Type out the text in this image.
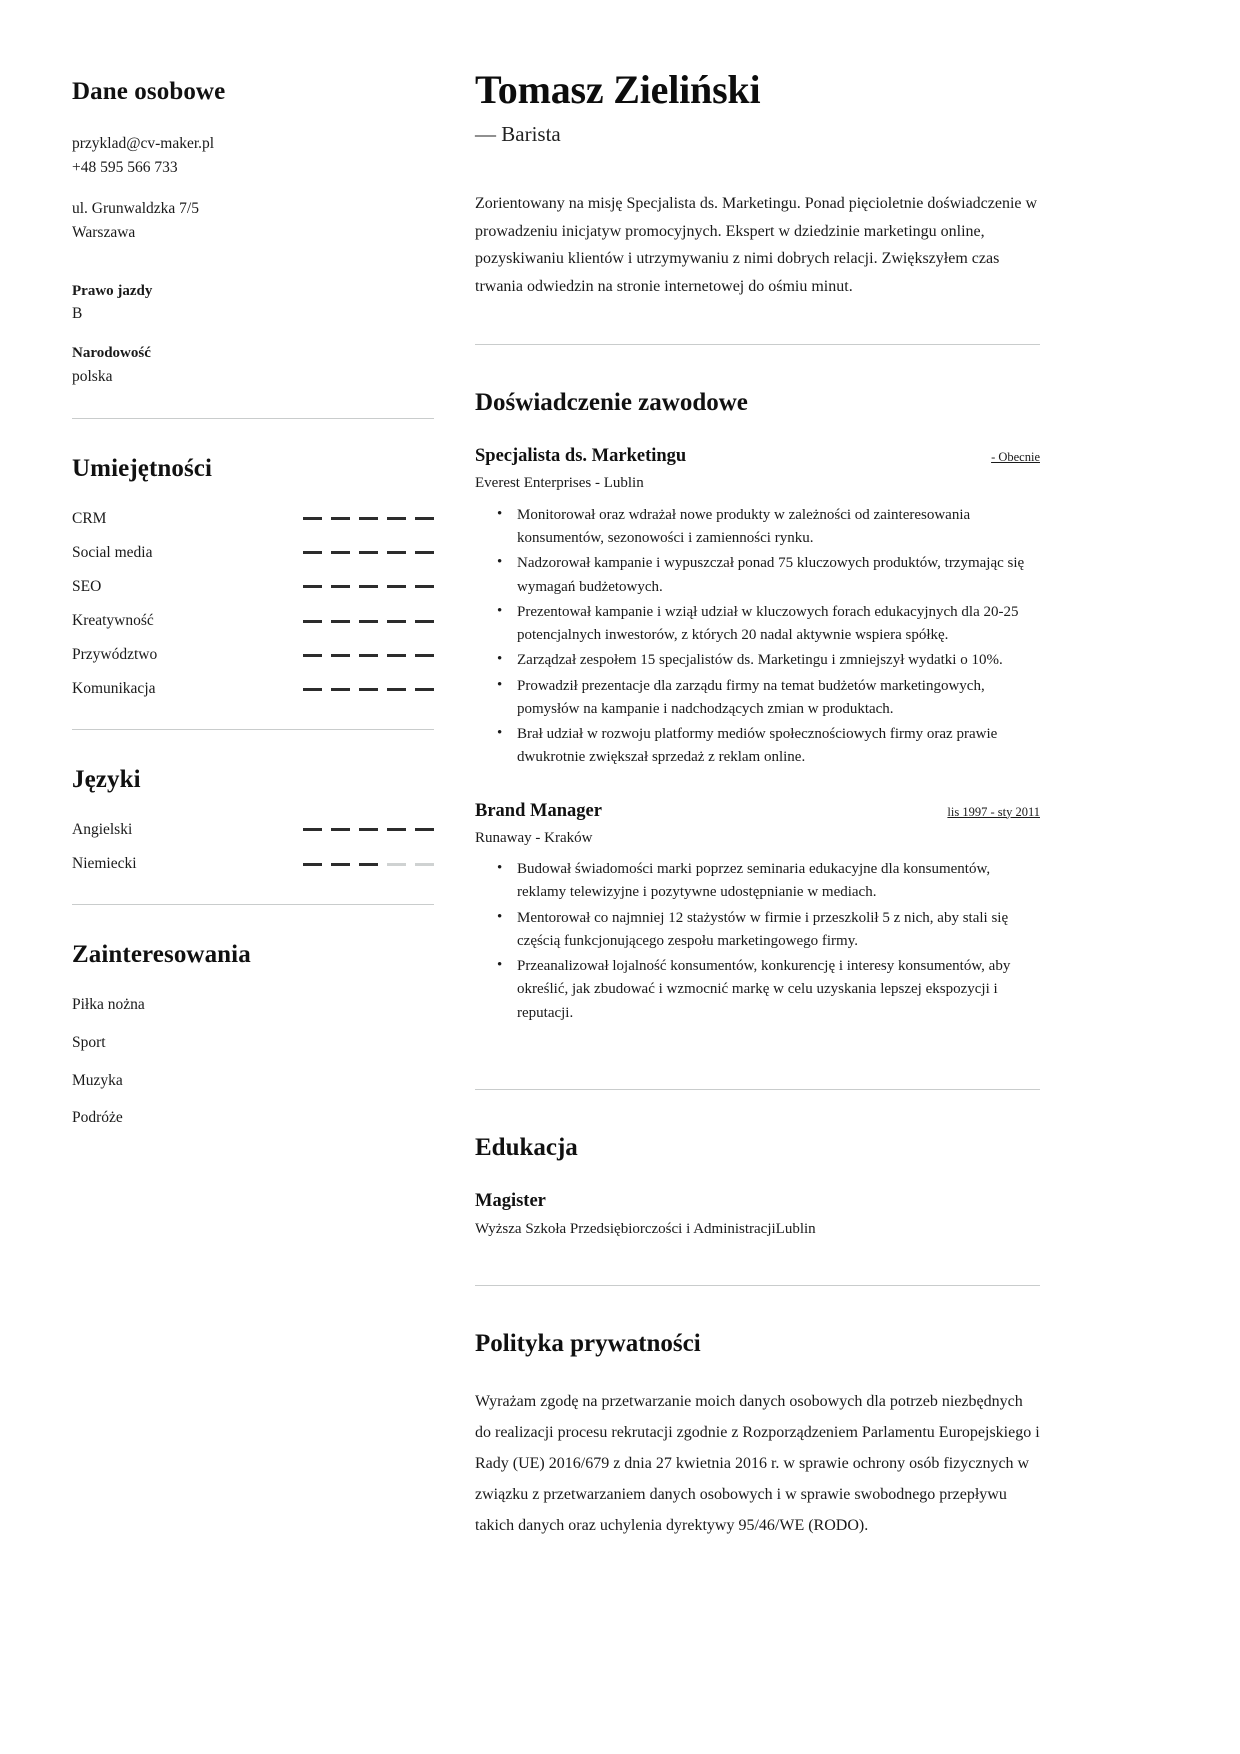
Dane osobowe
przyklad@cv-maker.pl
+48 595 566 733
ul. Grunwaldzka 7/5
Warszawa
Prawo jazdy
B
Narodowość
polska
Umiejętności
CRM
Social media
SEO
Kreatywność
Przywództwo
Komunikacja
Języki
Angielski
Niemiecki
Zainteresowania
Piłka nożna
Sport
Muzyka
Podróże
Tomasz Zieliński
— Barista

Zorientowany na misję Specjalista ds. Marketingu. Ponad pięcioletnie doświadczenie w prowadzeniu inicjatyw promocyjnych. Ekspert w dziedzinie marketingu online, pozyskiwaniu klientów i utrzymywaniu z nimi dobrych relacji. Zwiększyłem czas trwania odwiedzin na stronie internetowej do ośmiu minut.

Doświadczenie zawodowe
Specjalista ds. Marketingu	- Obecnie
Everest Enterprises - Lublin
• Monitorował oraz wdrażał nowe produkty w zależności od zainteresowania konsumentów, sezonowości i zamienności rynku.
• Nadzorował kampanie i wypuszczał ponad 75 kluczowych produktów, trzymając się wymagań budżetowych.
• Prezentował kampanie i wziął udział w kluczowych forach edukacyjnych dla 20-25 potencjalnych inwestorów, z których 20 nadal aktywnie wspiera spółkę.
• Zarządzał zespołem 15 specjalistów ds. Marketingu i zmniejszył wydatki o 10%.
• Prowadził prezentacje dla zarządu firmy na temat budżetów marketingowych, pomysłów na kampanie i nadchodzących zmian w produktach.
• Brał udział w rozwoju platformy mediów społecznościowych firmy oraz prawie dwukrotnie zwiększał sprzedaż z reklam online.
Brand Manager	lis 1997 - sty 2011
Runaway - Kraków
• Budował świadomości marki poprzez seminaria edukacyjne dla konsumentów, reklamy telewizyjne i pozytywne udostępnianie w mediach.
• Mentorował co najmniej 12 stażystów w firmie i przeszkolił 5 z nich, aby stali się częścią funkcjonującego zespołu marketingowego firmy.
• Przeanalizował lojalność konsumentów, konkurencję i interesy konsumentów, aby określić, jak zbudować i wzmocnić markę w celu uzyskania lepszej ekspozycji i reputacji.
Edukacja
Magister
Wyższa Szkoła Przedsiębiorczości i AdministracjiLublin
Polityka prywatności

Wyrażam zgodę na przetwarzanie moich danych osobowych dla potrzeb niezbędnych do realizacji procesu rekrutacji zgodnie z Rozporządzeniem Parlamentu Europejskiego i Rady (UE) 2016/679 z dnia 27 kwietnia 2016 r. w sprawie ochrony osób fizycznych w związku z przetwarzaniem danych osobowych i w sprawie swobodnego przepływu takich danych oraz uchylenia dyrektywy 95/46/WE (RODO).
